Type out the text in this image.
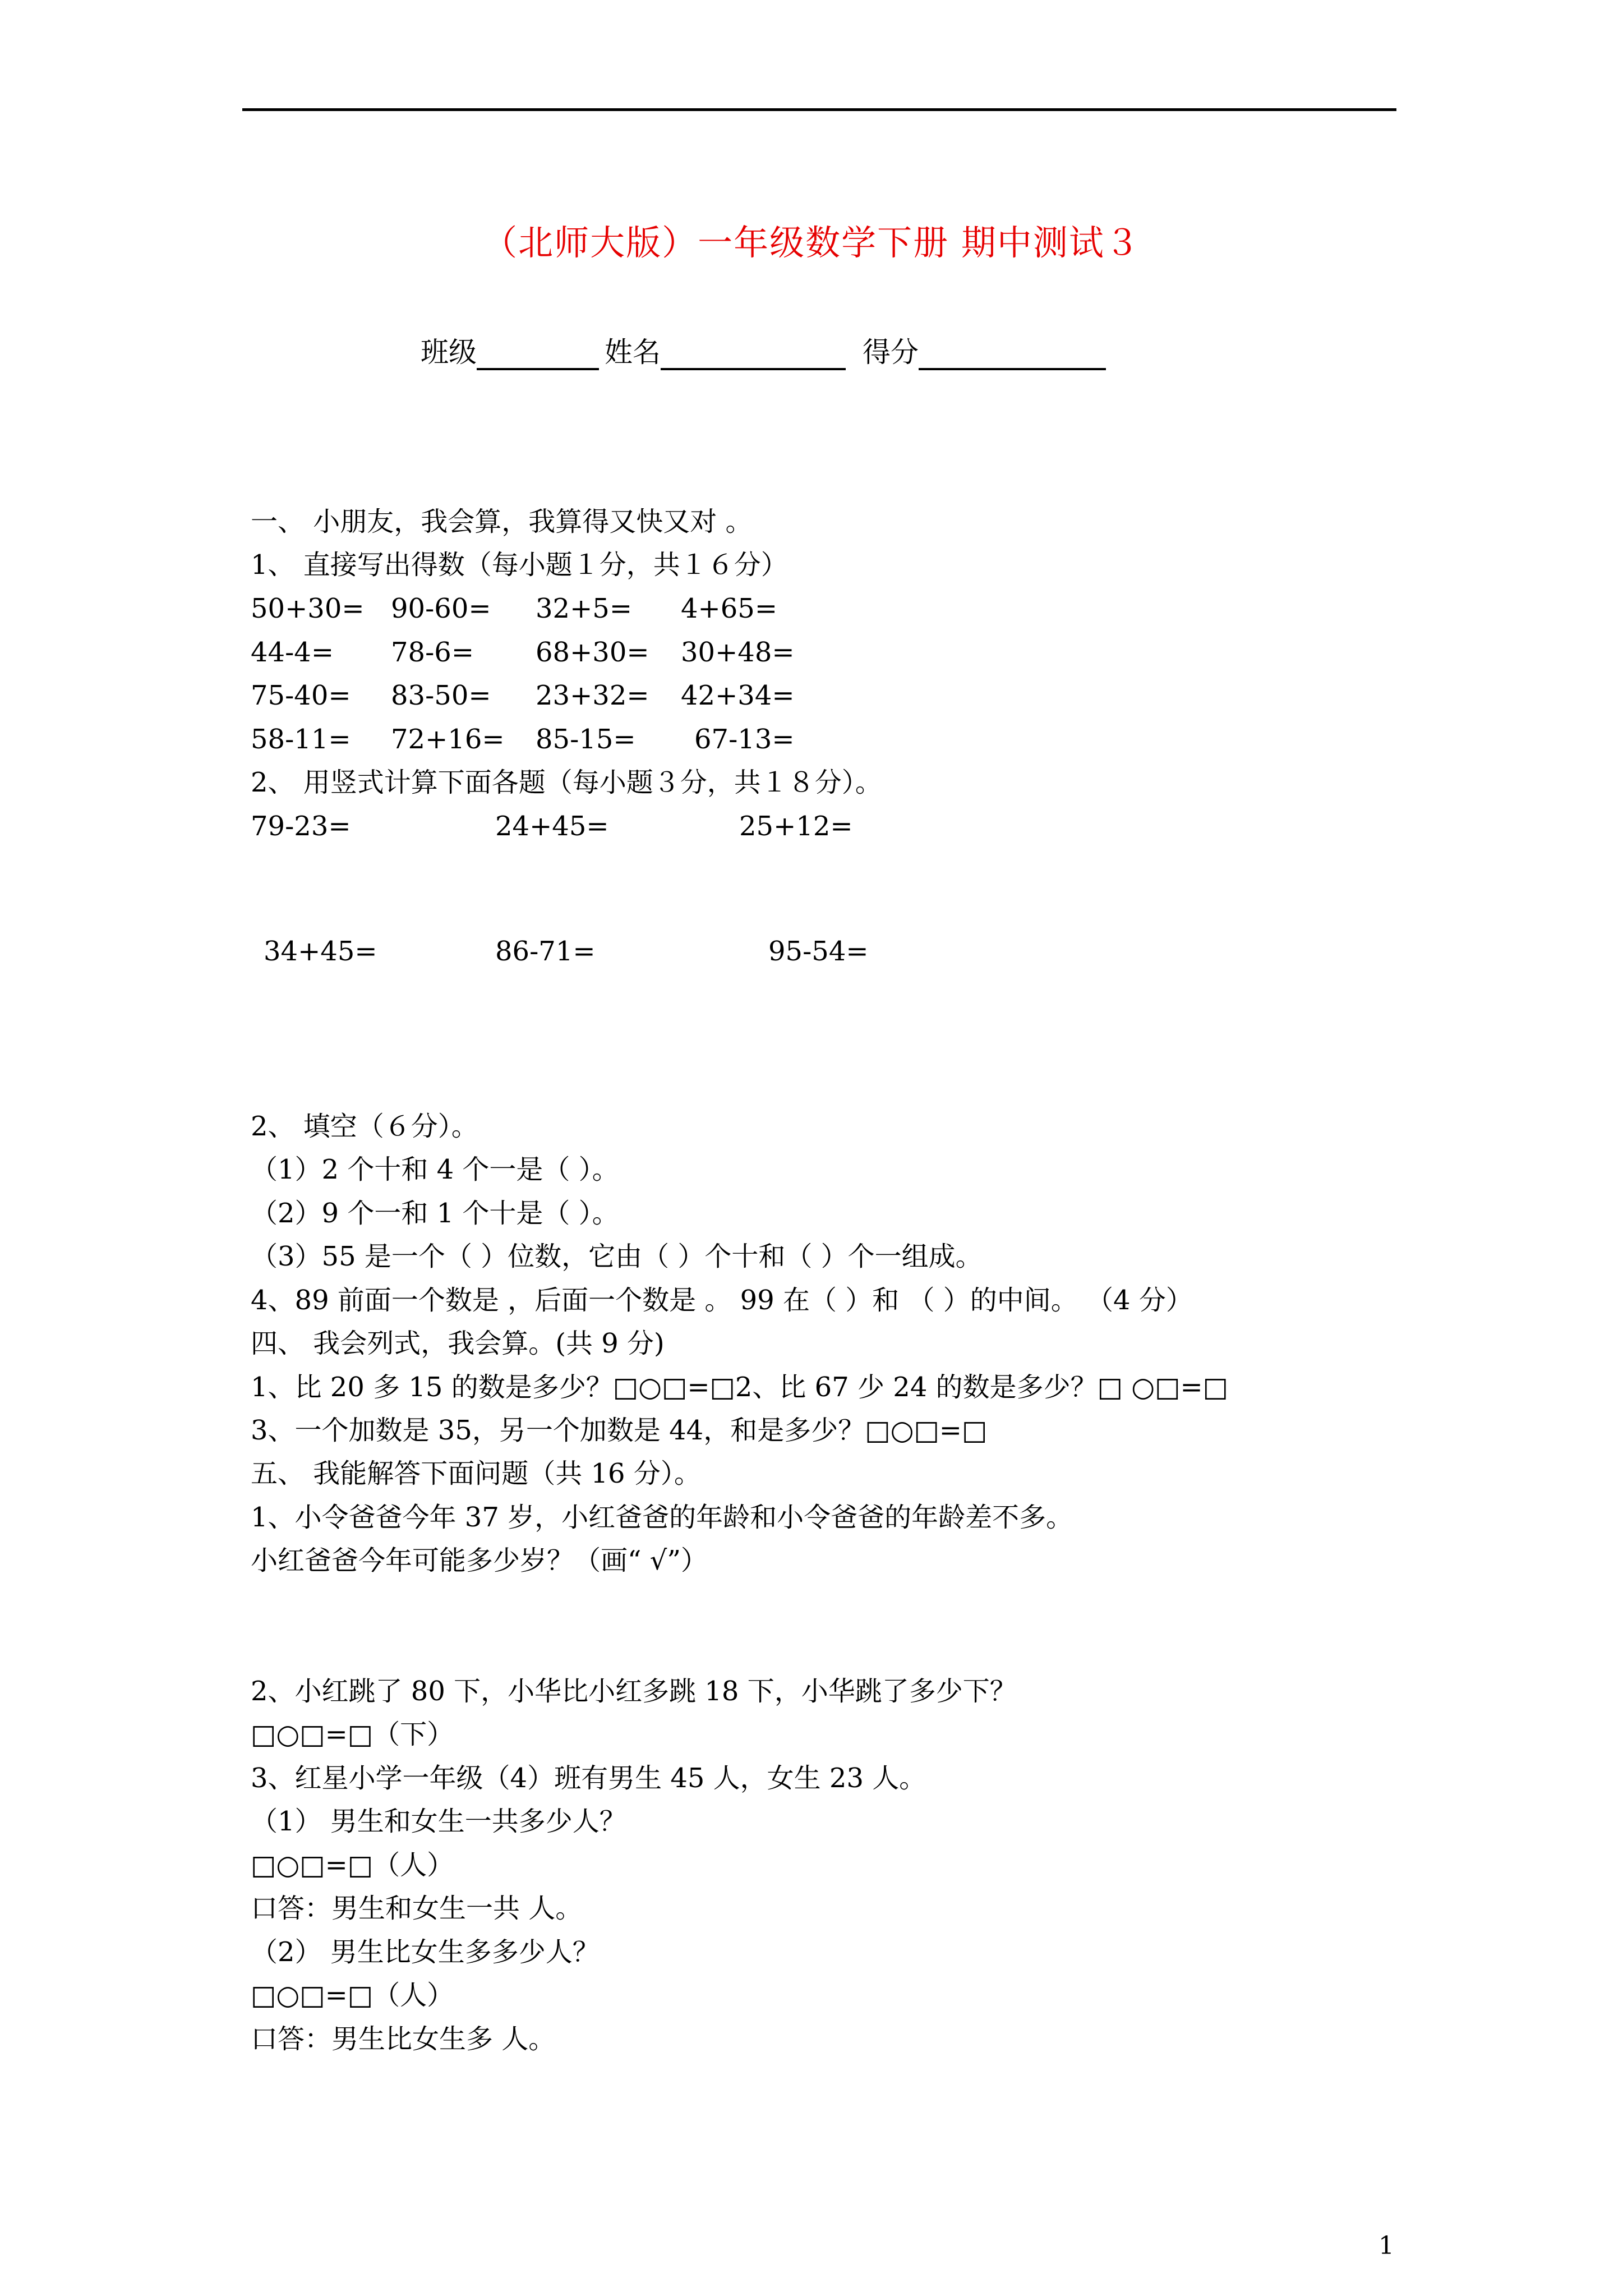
（北师大版）一年级数学下册 期中测试３
班级	姓名	得分
一、 小朋友，我会算，我算得又快又对 。
1、 直接写出得数（每小题１分，共１６分）
50+30= 90-60= 32+5= 4+65=
44-4= 78-6= 68+30= 30+48=
75-40= 83-50= 23+32= 42+34=
58-11= 72+16= 85-15= 67-13=
2、 用竖式计算下面各题（每小题３分，共１８分）。
79-23=	24+45=	25+12=
34+45=	86-71=	95-54=
2、 填空（６分）。
（1）2 个十和 4 个一是（ ）。
（2）9 个一和 1 个十是（ ）。
（3）55 是一个（ ）位数，它由（ ）个十和（ ）个一组成。
4、89 前面一个数是 ，后面一个数是 。 99 在（ ）和 （ ）的中间。 （4 分）
四、 我会列式，我会算。(共 9 分)
1、比 20 多 15 的数是多少？□○□=□2、比 67 少 24 的数是多少？□ ○□=□
3、一个加数是 35，另一个加数是 44，和是多少？□○□=□
五、 我能解答下面问题（共 16 分）。
1、小令爸爸今年 37 岁，小红爸爸的年龄和小令爸爸的年龄差不多。
小红爸爸今年可能多少岁？（画“ √”）
2、小红跳了 80 下，小华比小红多跳 18 下，小华跳了多少下？
□○□=□（下）
3、红星小学一年级（4）班有男生 45 人，女生 23 人。
（1） 男生和女生一共多少人？
□○□=□（人）
口答：男生和女生一共 人。
（2） 男生比女生多多少人？
□○□=□（人）
口答：男生比女生多 人。
1
